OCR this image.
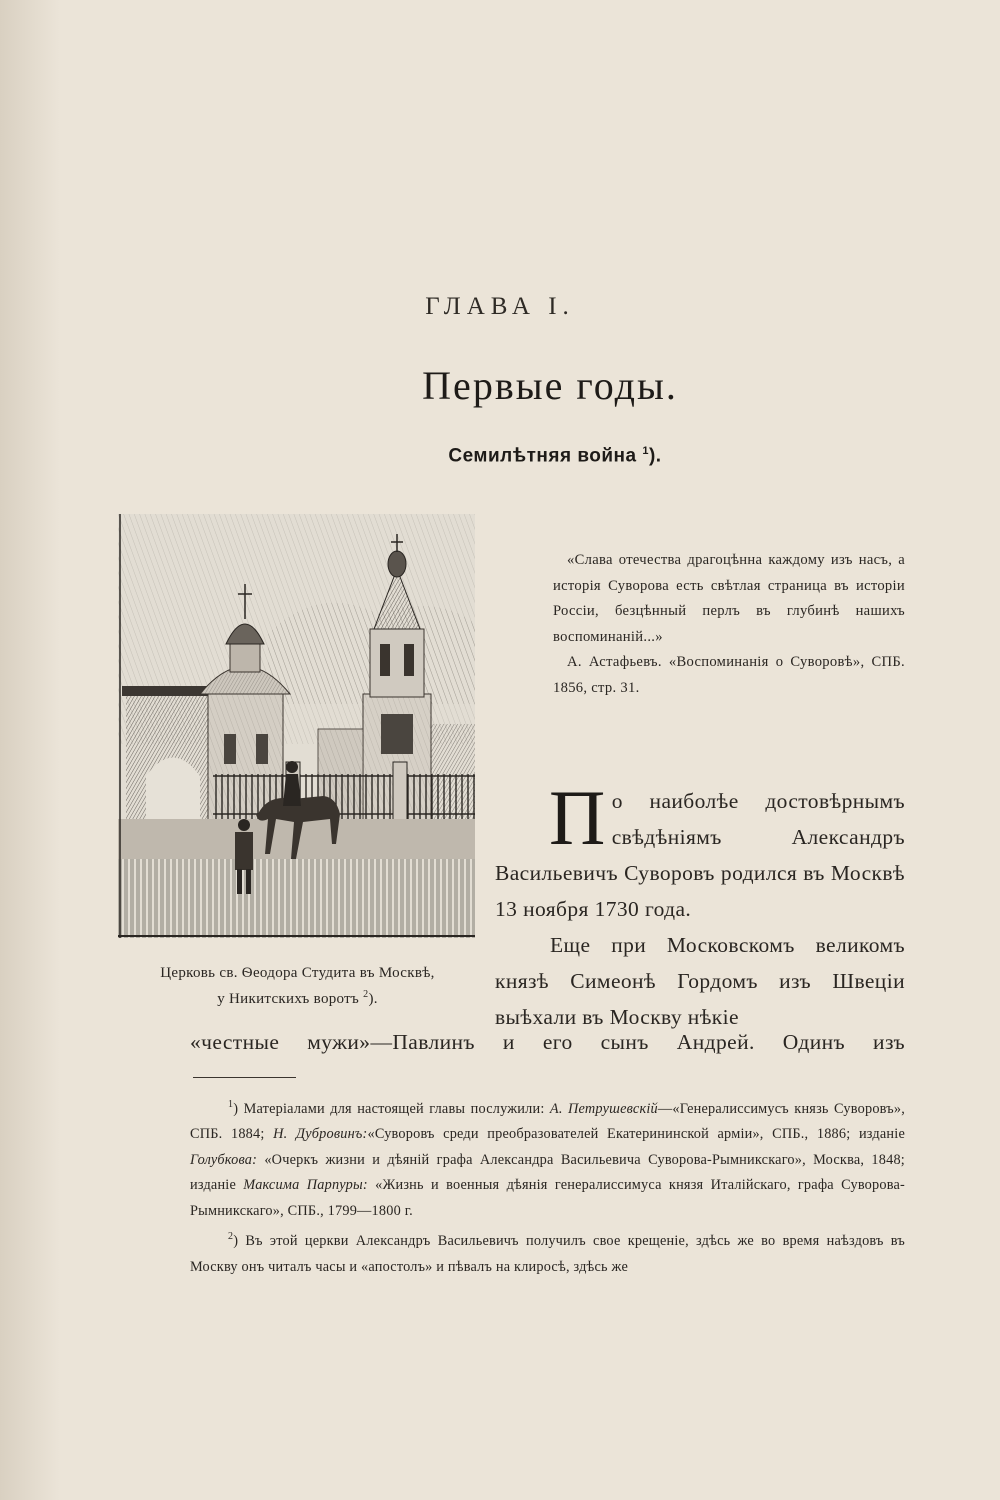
ГЛАВА I.
Первые годы.
Семилѣтняя война $^1$).
Церковь св. Ѳеодора Студита въ Москвѣ,
у Никитскихъ воротъ $^2$).

«Слава отечества драгоцѣнна каждому изъ насъ, а исторія Суворова есть свѣтлая страница въ исторіи Россіи, безцѣнный перлъ въ глубинѣ нашихъ воспоминаній...»

А. Астафьевъ. «Воспоминанія о Суворовѣ», СПБ. 1856, стр. 31.

По наиболѣе достовѣрнымъ свѣдѣніямъ Александръ Васильевичъ Суворовъ родился въ Москвѣ 13 ноября 1730 года.

Еще при Московскомъ великомъ князѣ Симеонѣ Гордомъ изъ Швеціи выѣхали въ Москву нѣкіе

«честные мужи»—Павлинъ и его сынъ Андрей. Одинъ изъ

$^1$) Матеріалами для настоящей главы послужили: А. Петрушевскій—«Генералиссимусъ князь Суворовъ», СПБ. 1884; Н. Дубровинъ:«Суворовъ среди преобразователей Екатерининской арміи», СПБ., 1886; изданіе Голубкова: «Очеркъ жизни и дѣяній графа Александра Васильевича Суворова-Рымникскаго», Москва, 1848; изданіе Максима Парпуры: «Жизнь и военныя дѣянія генералиссимуса князя Италійскаго, графа Суворова-Рымникскаго», СПБ., 1799—1800 г.

$^2$) Въ этой церкви Александръ Васильевичъ получилъ свое крещеніе, здѣсь же во время наѣздовъ въ Москву онъ читалъ часы и «апостолъ» и пѣвалъ на клиросѣ, здѣсь же
